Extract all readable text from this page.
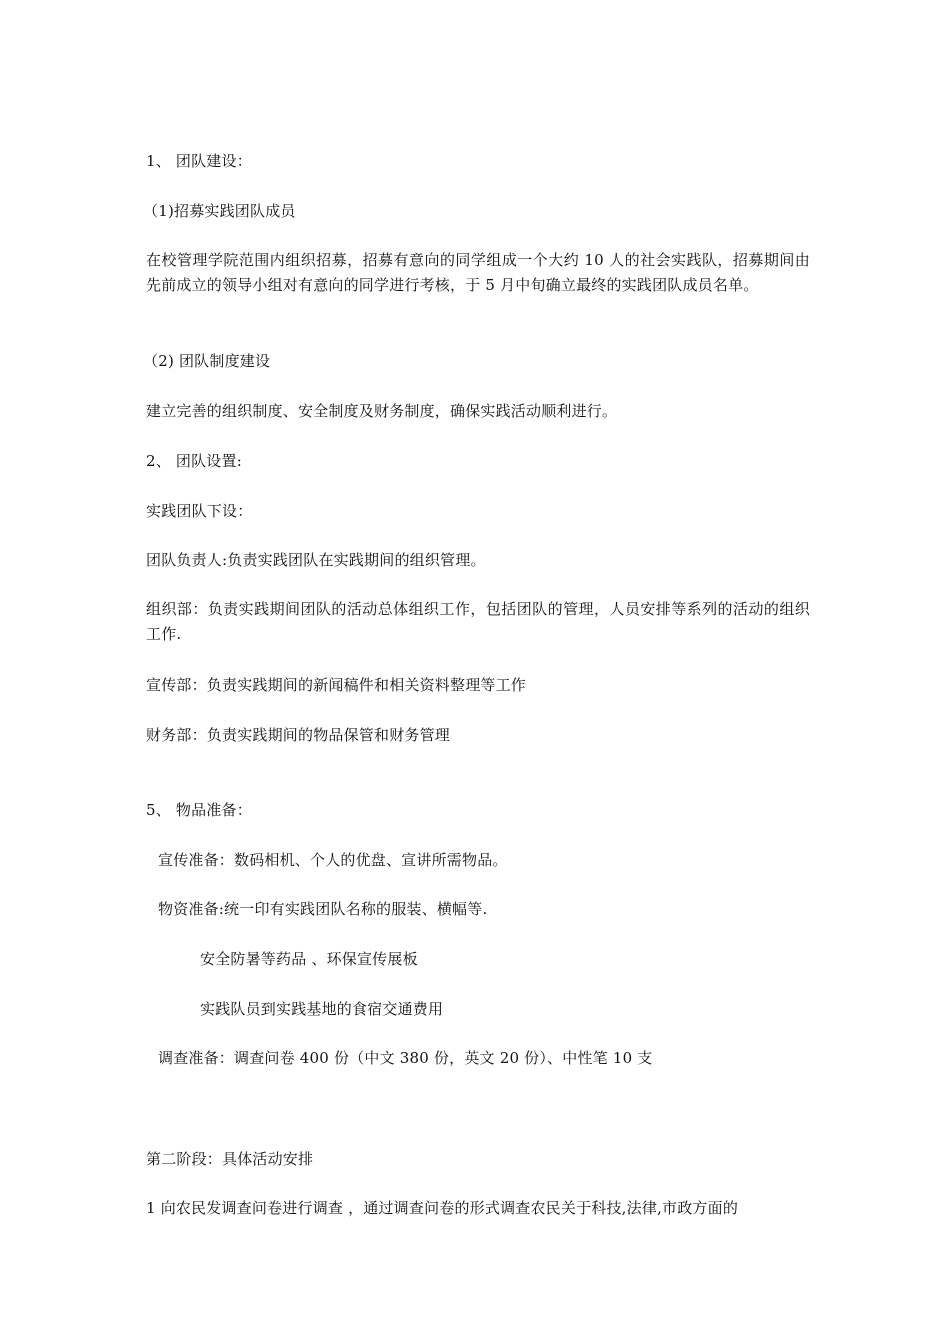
1、 团队建设：
（1)招募实践团队成员
在校管理学院范围内组织招募，招募有意向的同学组成一个大约 10 人的社会实践队，招募期间由先前成立的领导小组对有意向的同学进行考核，于 5 月中旬确立最终的实践团队成员名单。
（2) 团队制度建设
建立完善的组织制度、安全制度及财务制度，确保实践活动顺利进行。
2、 团队设置:
实践团队下设：
团队负责人:负责实践团队在实践期间的组织管理。
组织部：负责实践期间团队的活动总体组织工作，包括团队的管理，人员安排等系列的活动的组织工作.
宣传部：负责实践期间的新闻稿件和相关资料整理等工作
财务部：负责实践期间的物品保管和财务管理
5、 物品准备：
宣传准备：数码相机、个人的优盘、宣讲所需物品。
物资准备:统一印有实践团队名称的服装、横幅等.
安全防暑等药品 、环保宣传展板
实践队员到实践基地的食宿交通费用
调查准备：调查问卷 400 份（中文 380 份，英文 20 份）、中性笔 10 支
第二阶段：具体活动安排
1 向农民发调查问卷进行调查 ，通过调查问卷的形式调查农民关于科技,法律,市政方面的
